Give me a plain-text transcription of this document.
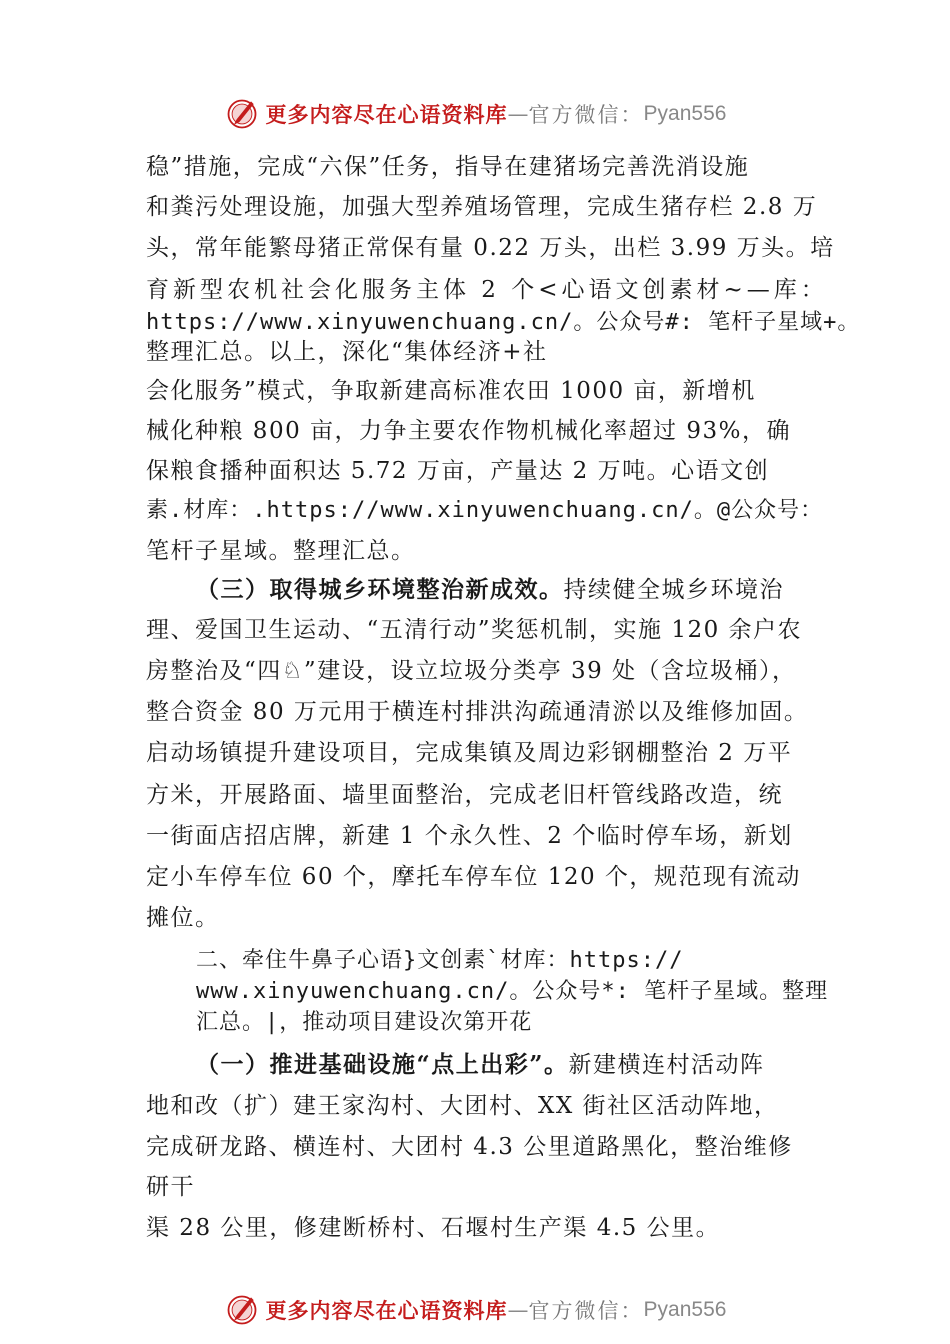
更多内容尽在心语资料库 — 官方微信： Pyan556
稳”措施，完成“六保”任务，指导在建猪场完善洗消设施
和粪污处理设施，加强大型养殖场管理，完成生猪存栏 2.8 万
头，常年能繁母猪正常保有量 0.22 万头，出栏 3.99 万头。培
育新型农机社会化服务主体 2 个<心语文创素材~—库：
https://www.xinyuwenchuang.cn/。公众号#: 笔杆子星域+。
整理汇总。以上，深化“集体经济+社
会化服务”模式，争取新建高标准农田 1000 亩，新增机
械化种粮 800 亩，力争主要农作物机械化率超过 93%，确
保粮食播种面积达 5.72 万亩，产量达 2 万吨。心语文创
素.材库：.https://www.xinyuwenchuang.cn/。@公众号：
笔杆子星域。整理汇总。
（三）取得城乡环境整治新成效。持续健全城乡环境治
理、爱国卫生运动、“五清行动”奖惩机制，实施 120 余户农
房整治及“四♘”建设，设立垃圾分类亭 39 处（含垃圾桶），
整合资金 80 万元用于横连村排洪沟疏通清淤以及维修加固。
启动场镇提升建设项目，完成集镇及周边彩钢棚整治 2 万平
方米，开展路面、墙里面整治，完成老旧杆管线路改造，统
一街面店招店牌，新建 1 个永久性、2 个临时停车场，新划
定小车停车位 60 个，摩托车停车位 120 个，规范现有流动
摊位。
二、牵住牛鼻子心语}文创素`材库：https://
www.xinyuwenchuang.cn/。公众号*: 笔杆子星域。整理
汇总。|，推动项目建设次第开花
（一）推进基础设施“点上出彩”。新建横连村活动阵
地和改（扩）建王家沟村、大团村、XX 街社区活动阵地，
完成研龙路、横连村、大团村 4.3 公里道路黑化，整治维修
研干
渠 28 公里，修建断桥村、石堰村生产渠 4.5 公里。
更多内容尽在心语资料库 — 官方微信： Pyan556
